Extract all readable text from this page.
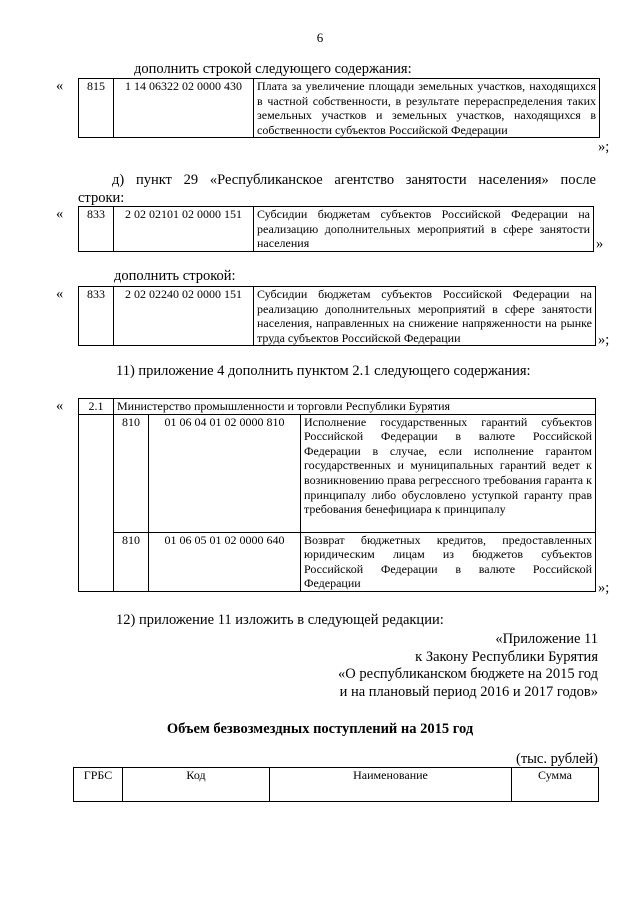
6
дополнить строкой следующего содержания:
« 815	1 14 06322 02 0000 430	Плата за увеличение площади земельных участков, находящихся в частной собственности, в результате перераспределения таких земельных участков и земельных участков, находящихся в собственности субъектов Российской Федерации
»;
д) пункт 29 «Республиканское агентство занятости населения» после
строки:
« 833	2 02 02101 02 0000 151	Субсидии бюджетам субъектов Российской Федерации на реализацию дополнительных мероприятий в сфере занятости населения	»
дополнить строкой:
« 833	2 02 02240 02 0000 151	Субсидии бюджетам субъектов Российской Федерации на реализацию дополнительных мероприятий в сфере занятости населения, направленных на снижение напряженности на рынке труда субъектов Российской Федерации	»;
11) приложение 4 дополнить пунктом 2.1 следующего содержания:
« 2.1	Министерство промышленности и торговли Республики Бурятия		
	810	01 06 04 01 02 0000 810	Исполнение государственных гарантий субъектов Российской Федерации в валюте Российской Федерации в случае, если исполнение гарантом государственных и муниципальных гарантий ведет к возникновению права регрессного требования гаранта к принципалу либо обусловлено уступкой гаранту прав требования бенефициара к принципалу
	810	01 06 05 01 02 0000 640	Возврат бюджетных кредитов, предоставленных юридическим лицам из бюджетов субъектов Российской Федерации в валюте Российской Федерации	»;
12) приложение 11 изложить в следующей редакции:
«Приложение 11
к Закону Республики Бурятия
«О республиканском бюджете на 2015 год
и на плановый период 2016 и 2017 годов»
Объем безвозмездных поступлений на 2015 год
(тыс. рублей)
ГРБС	Код	Наименование	Сумма
